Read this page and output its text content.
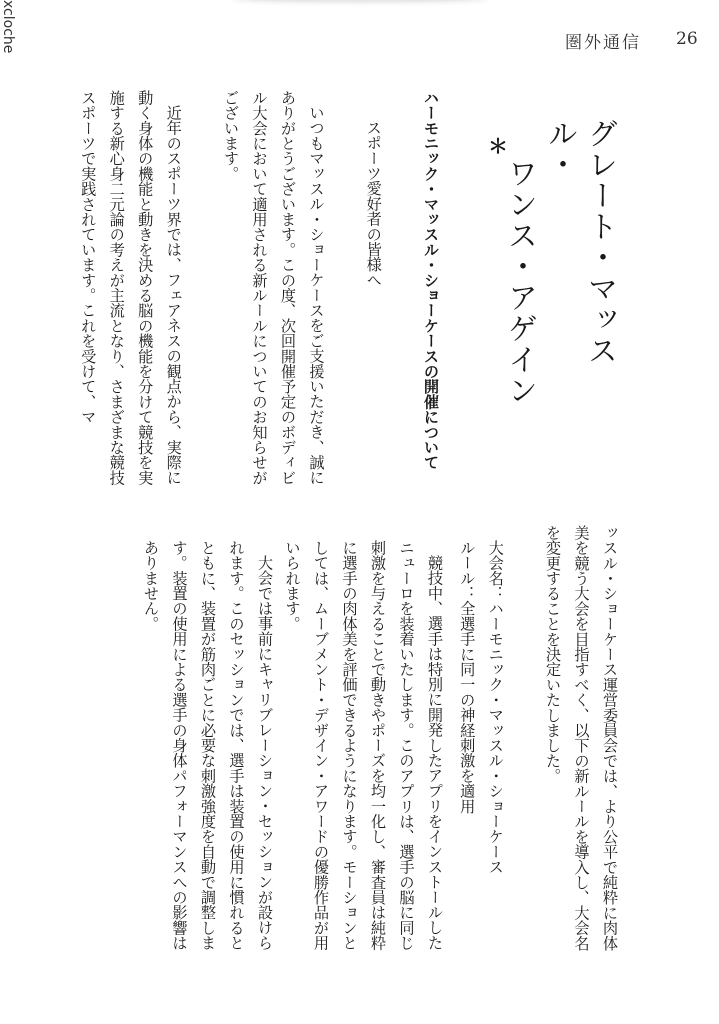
圏外通信 26
グレート・マッスル・
ワンス・アゲイン
xcloche
＊
ハーモニック・マッスル・ショーケースの開催について
スポーツ愛好者の皆様へ
いつもマッスル・ショーケースをご支援いただき、誠にありがとうございます。この度、次回開催予定のボディビル大会において適用される新ルールについてのお知らせがございます。
近年のスポーツ界では、フェアネスの観点から、実際に動く身体の機能と動きを決める脳の機能を分けて競技を実施する新心身二元論の考えが主流となり、さまざまな競技スポーツで実践されています。これを受けて、マ
ッスル・ショーケース運営委員会では、より公平で純粋に肉体美を競う大会を目指すべく、以下の新ルールを導入し、大会名を変更することを決定いたしました。
大会名：ハーモニック・マッスル・ショーケース
ルール：全選手に同一の神経刺激を適用
競技中、選手は特別に開発したアプリをインストールしたニューロを装着いたします。このアプリは、選手の脳に同じ刺激を与えることで動きやポーズを均一化し、審査員は純粋に選手の肉体美を評価できるようになります。モーションとしては、ムーブメント・デザイン・アワードの優勝作品が用いられます。
大会では事前にキャリブレーション・セッションが設けられます。このセッションでは、選手は装置の使用に慣れるとともに、装置が筋肉ごとに必要な刺激強度を自動で調整します。装置の使用による選手の身体パフォーマンスへの影響はありません。
